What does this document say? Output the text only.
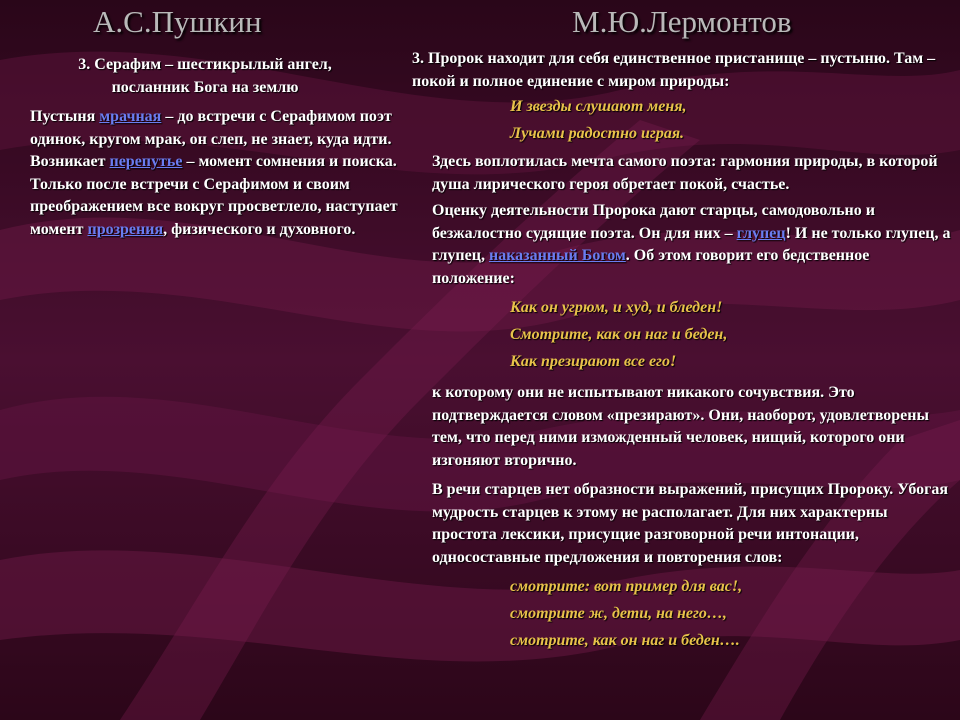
А.С.Пушкин	М.Ю.Лермонтов

3. Серафим – шестикрылый ангел,

посланник Бога на землю

Пустыня мрачная – до встречи с Серафимом поэт одинок, кругом мрак, он слеп, не знает, куда идти. Возникает перепутье – момент сомнения и поиска. Только после встречи с Серафимом и своим преображением все вокруг просветлело, наступает момент прозрения, физического и духовного.

3. Пророк находит для себя единственное пристанище – пустыню. Там – покой и полное единение с миром природы:

И звезды слушают меня,

Лучами радостно играя.

Здесь воплотилась мечта самого поэта: гармония природы, в которой душа лирического героя обретает покой, счастье.

Оценку деятельности Пророка дают старцы, самодовольно и безжалостно судящие поэта. Он для них – глупец! И не только глупец, а глупец, наказанный Богом. Об этом говорит его бедственное положение:

Как он угрюм, и худ, и бледен!

Смотрите, как он наг и беден,

Как презирают все его!

к которому они не испытывают никакого сочувствия. Это подтверждается словом «презирают». Они, наоборот, удовлетворены тем, что перед ними изможденный человек, нищий, которого они изгоняют вторично.

В речи старцев нет образности выражений, присущих Пророку. Убогая мудрость старцев к этому не располагает. Для них характерны простота лексики, присущие разговорной речи интонации, односоставные предложения и повторения слов:

смотрите: вот пример для вас!,

смотрите ж, дети, на него…,

смотрите, как он наг и беден….
